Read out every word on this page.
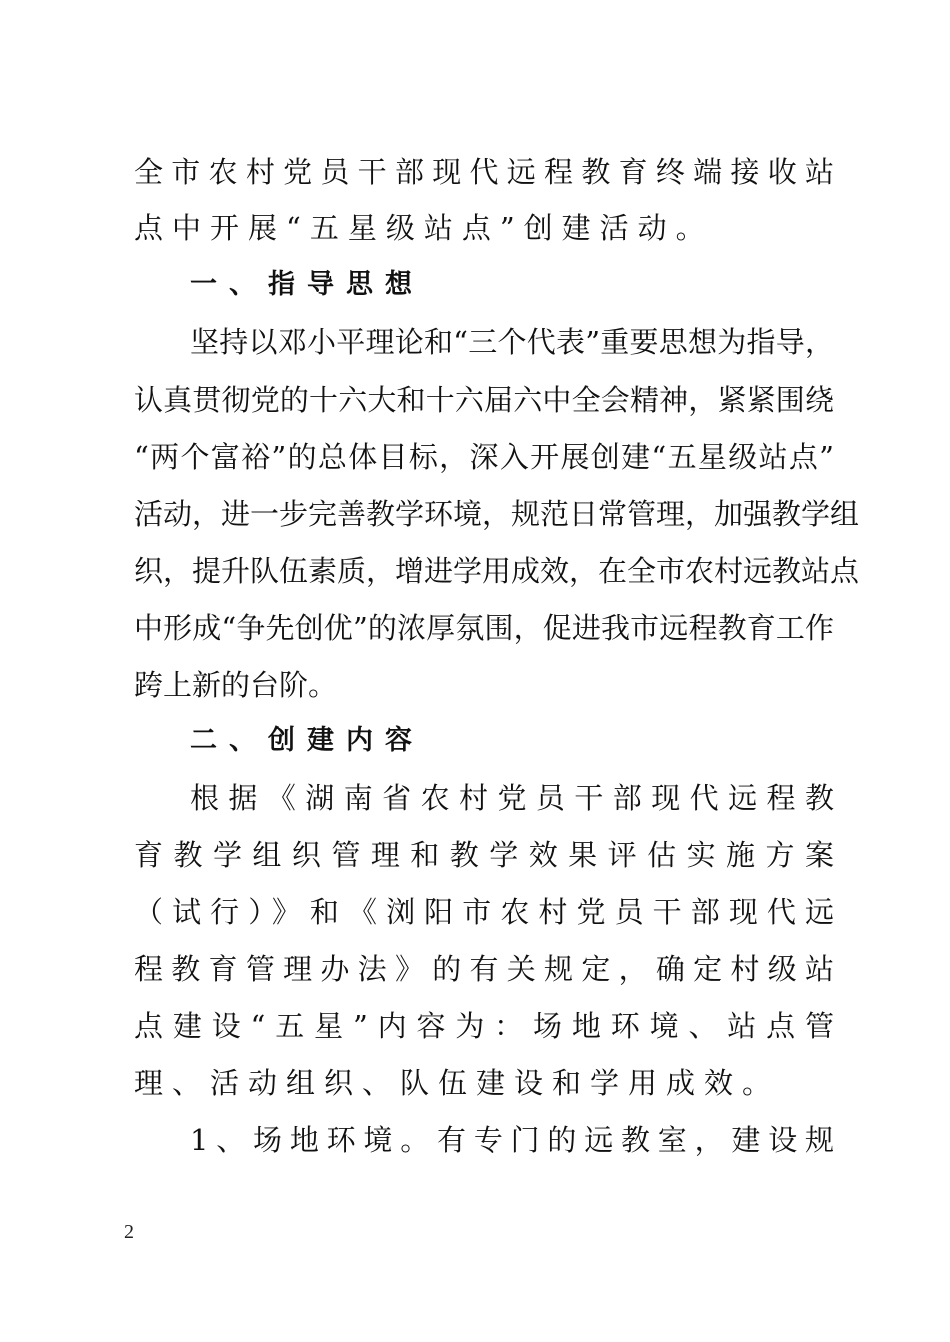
全市农村党员干部现代远程教育终端接收站
点中开展“五星级站点”创建活动。
一、指导思想
坚持以邓小平理论和“三个代表”重要思想为指导，
认真贯彻党的十六大和十六届六中全会精神，紧紧围绕
“两个富裕”的总体目标，深入开展创建“五星级站点”
活动，进一步完善教学环境，规范日常管理，加强教学组
织，提升队伍素质，增进学用成效，在全市农村远教站点
中形成“争先创优”的浓厚氛围，促进我市远程教育工作
跨上新的台阶。
二、创建内容
根据《湖南省农村党员干部现代远程教
育教学组织管理和教学效果评估实施方案
（试行）》和《浏阳市农村党员干部现代远
程教育管理办法》的有关规定，确定村级站
点建设“五星”内容为：场地环境、站点管
理、活动组织、队伍建设和学用成效。
1、场地环境。有专门的远教室，建设规
2
